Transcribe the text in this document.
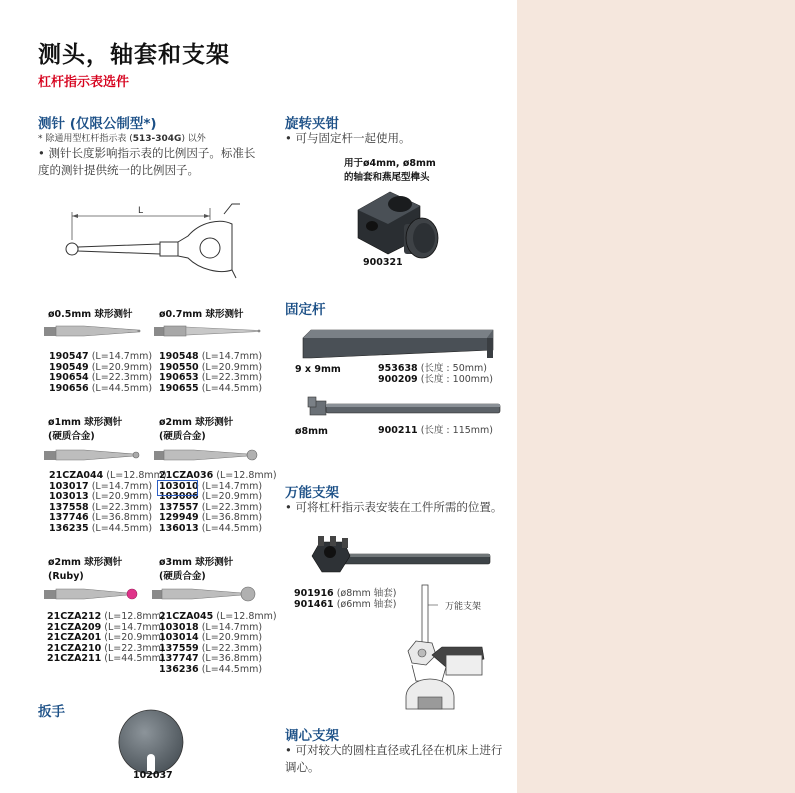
测头，轴套和支架
杠杆指示表选件
测针 (仅限公制型*)
* 除通用型杠杆指示表 (513-304G) 以外
• 测针长度影响指示表的比例因子。标准长度的测针提供统一的比例因子。
L
ø0.5mm 球形测针
190547 (L=14.7mm)
190549 (L=20.9mm)
190654 (L=22.3mm)
190656 (L=44.5mm)
ø0.7mm 球形测针
190548 (L=14.7mm)
190550 (L=20.9mm)
190653 (L=22.3mm)
190655 (L=44.5mm)
ø1mm 球形测针
(硬质合金)
21CZA044 (L=12.8mm)
103017 (L=14.7mm)
103013 (L=20.9mm)
137558 (L=22.3mm)
137746 (L=36.8mm)
136235 (L=44.5mm)
ø2mm 球形测针
(硬质合金)
21CZA036 (L=12.8mm)
103010 (L=14.7mm)
103006 (L=20.9mm)
137557 (L=22.3mm)
129949 (L=36.8mm)
136013 (L=44.5mm)
ø2mm 球形测针
(Ruby)
21CZA212 (L=12.8mm)
21CZA209 (L=14.7mm)
21CZA201 (L=20.9mm)
21CZA210 (L=22.3mm)
21CZA211 (L=44.5mm)
ø3mm 球形测针
(硬质合金)
21CZA045 (L=12.8mm)
103018 (L=14.7mm)
103014 (L=20.9mm)
137559 (L=22.3mm)
137747 (L=36.8mm)
136236 (L=44.5mm)
扳手
102037
旋转夹钳
• 可与固定杆一起使用。
用于ø4mm, ø8mm
的轴套和燕尾型榫头
900321
固定杆
9 x 9mm	953638 (长度 : 50mm)
900209 (长度 : 100mm)
ø8mm	900211 (长度 : 115mm)
万能支架
• 可将杠杆指示表安装在工件所需的位置。
901916 (ø8mm 轴套)
901461 (ø6mm 轴套)	万能支架
调心支架
• 可对较大的圆柱直径或孔径在机床上进行调心。
